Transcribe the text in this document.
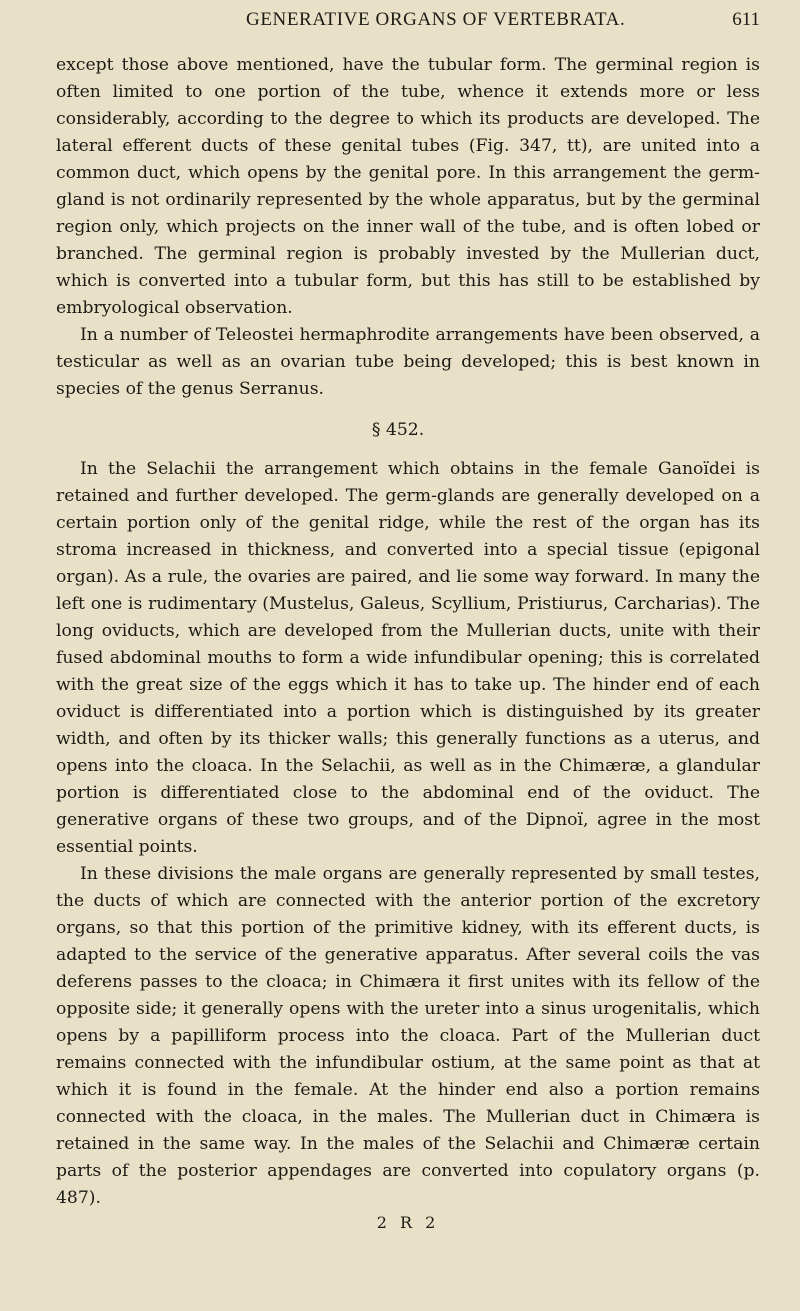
GENERATIVE ORGANS OF VERTEBRATA.	611

except those above mentioned, have the tubular form. The germinal region is often limited to one portion of the tube, whence it extends more or less considerably, according to the degree to which its products are developed. The lateral efferent ducts of these genital tubes (Fig. 347, tt), are united into a common duct, which opens by the genital pore. In this arrangement the germ-gland is not ordinarily represented by the whole apparatus, but by the germinal region only, which projects on the inner wall of the tube, and is often lobed or branched. The germinal region is probably invested by the Mullerian duct, which is converted into a tubular form, but this has still to be established by embryological observation.

In a number of Teleostei hermaphrodite arrangements have been observed, a testicular as well as an ovarian tube being developed; this is best known in species of the genus Serranus.

§ 452.

In the Selachii the arrangement which obtains in the female Ganoïdei is retained and further developed. The germ-glands are generally developed on a certain portion only of the genital ridge, while the rest of the organ has its stroma increased in thickness, and converted into a special tissue (epigonal organ). As a rule, the ovaries are paired, and lie some way forward. In many the left one is rudimentary (Mustelus, Galeus, Scyllium, Pristiurus, Carcharias). The long oviducts, which are developed from the Mullerian ducts, unite with their fused abdominal mouths to form a wide infundibular opening; this is correlated with the great size of the eggs which it has to take up. The hinder end of each oviduct is differentiated into a portion which is distinguished by its greater width, and often by its thicker walls; this generally functions as a uterus, and opens into the cloaca. In the Selachii, as well as in the Chimæræ, a glandular portion is differentiated close to the abdominal end of the oviduct. The generative organs of these two groups, and of the Dipnoï, agree in the most essential points.

In these divisions the male organs are generally represented by small testes, the ducts of which are connected with the anterior portion of the excretory organs, so that this portion of the primitive kidney, with its efferent ducts, is adapted to the service of the generative apparatus. After several coils the vas deferens passes to the cloaca; in Chimæra it first unites with its fellow of the opposite side; it generally opens with the ureter into a sinus urogenitalis, which opens by a papilliform process into the cloaca. Part of the Mullerian duct remains connected with the infundibular ostium, at the same point as that at which it is found in the female. At the hinder end also a portion remains connected with the cloaca, in the males. The Mullerian duct in Chimæra is retained in the same way. In the males of the Selachii and Chimæræ certain parts of the posterior appendages are converted into copulatory organs (p. 487).

2 R 2
